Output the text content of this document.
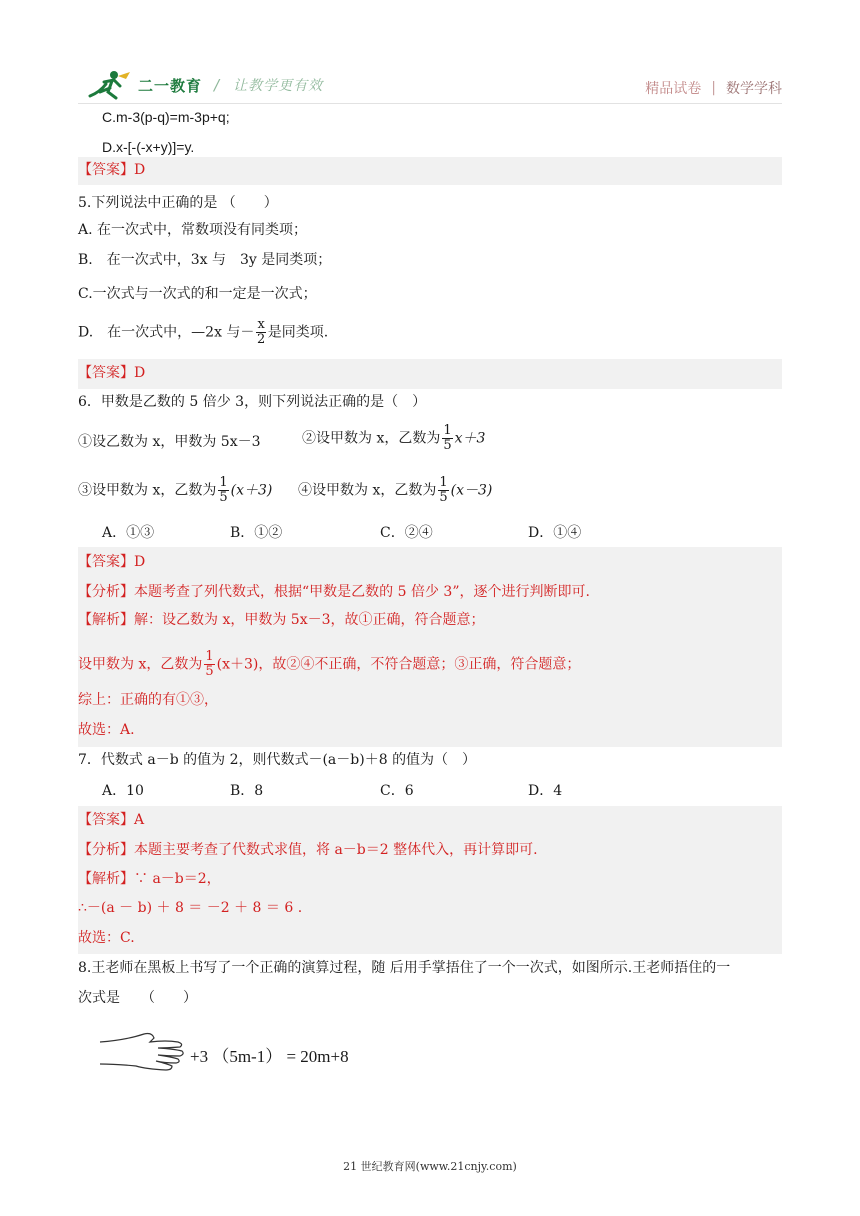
二一教育 / 让教学更有效	精品试卷 | 数学学科
C.m-3(p-q)=m-3p+q;
D.x-[-(-x+y)]=y.
【答案】D
5.下列说法中正确的是 （　　）
A. 在一次式中，常数项没有同类项；
B.　在一次式中，3x 与　3y 是同类项；
C.一次式与一次式的和一定是一次式；
D.　在一次式中，—2x 与－ $\frac{x}{2}$ 是同类项.
【答案】D
6．甲数是乙数的 5 倍少 3，则下列说法正确的是（　）
①设乙数为 x，甲数为 5x－3	②设甲数为 x，乙数为 $\frac{1}{5} x+3$
③设甲数为 x，乙数为 $\frac{1}{5} (x+3)$ ④设甲数为 x，乙数为 $\frac{1}{5} (x-3)$
A．①③	B．①②	C．②④	D．①④
【答案】D
【分析】本题考查了列代数式，根据“甲数是乙数的 5 倍少 3”，逐个进行判断即可.
【解析】解：设乙数为 x，甲数为 5x－3，故①正确，符合题意；
设甲数为 x，乙数为 $\frac{1}{5} (x+3)$，故②④不正确，不符合题意；③正确，符合题意；
综上：正确的有①③，
故选：A.
7．代数式 a－b 的值为 2，则代数式－(a－b)＋8 的值为（　）
A．10	B．8	C．6	D．4
【答案】A
【分析】本题主要考查了代数式求值，将 a－b＝2 整体代入，再计算即可.
【解析】∵ a－b＝2，
∴－(a － b) ＋ 8 ＝ －2 ＋ 8 ＝ 6 .
故选：C.
8.王老师在黑板上书写了一个正确的演算过程，随 后用手掌捂住了一个一次式，如图所示.王老师捂住的一
次式是　　（　　）
+3 （5m-1） = 20m+8
21 世纪教育网(www.21cnjy.com)
